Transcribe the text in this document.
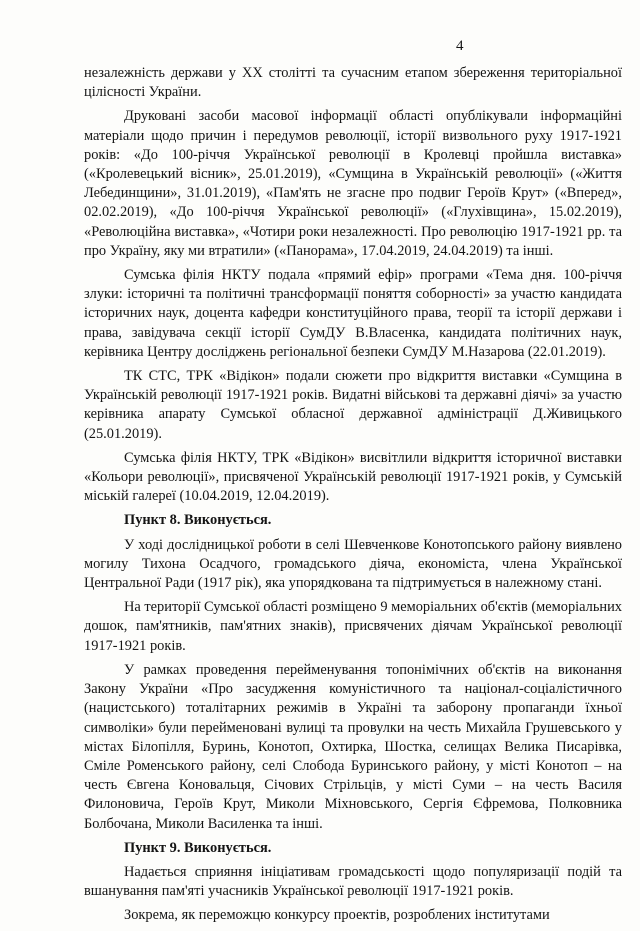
4

незалежність держави у ХХ столітті та сучасним етапом збереження територіальної цілісності України.

Друковані засоби масової інформації області опублікували інформаційні матеріали щодо причин і передумов революції, історії визвольного руху 1917-1921 років: «До 100-річчя Української революції в Кролевці пройшла виставка» («Кролевецький вісник», 25.01.2019), «Сумщина в Українській революції» («Життя Лебединщини», 31.01.2019), «Пам'ять не згасне про подвиг Героїв Крут» («Вперед», 02.02.2019), «До 100-річчя Української революції» («Глухівщина», 15.02.2019), «Революційна виставка», «Чотири роки незалежності. Про революцію 1917-1921 рр. та про Україну, яку ми втратили» («Панорама», 17.04.2019, 24.04.2019) та інші.

Сумська філія НКТУ подала «прямий ефір» програми «Тема дня. 100-річчя злуки: історичні та політичні трансформації поняття соборності» за участю кандидата історичних наук, доцента кафедри конституційного права, теорії та історії держави і права, завідувача секції історії СумДУ В.Власенка, кандидата політичних наук, керівника Центру досліджень регіональної безпеки СумДУ М.Назарова (22.01.2019).

ТК СТС, ТРК «Відікон» подали сюжети про відкриття виставки «Сумщина в Українській революції 1917-1921 років. Видатні військові та державні діячі» за участю керівника апарату Сумської обласної державної адміністрації Д.Живицького (25.01.2019).

Сумська філія НКТУ, ТРК «Відікон» висвітлили відкриття історичної виставки «Кольори революції», присвяченої Українській революції 1917-1921 років, у Сумській міській галереї (10.04.2019, 12.04.2019).

Пункт 8. Виконується.

У ході дослідницької роботи в селі Шевченкове Конотопського району виявлено могилу Тихона Осадчого, громадського діяча, економіста, члена Української Центральної Ради (1917 рік), яка упорядкована та підтримується в належному стані.

На території Сумської області розміщено 9 меморіальних об'єктів (меморіальних дошок, пам'ятників, пам'ятних знаків), присвячених діячам Української революції 1917-1921 років.

У рамках проведення перейменування топонімічних об'єктів на виконання Закону України «Про засудження комуністичного та націонал-соціалістичного (нацистського) тоталітарних режимів в Україні та заборону пропаганди їхньої символіки» були перейменовані вулиці та провулки на честь Михайла Грушевського у містах Білопілля, Буринь, Конотоп, Охтирка, Шостка, селищах Велика Писарівка, Сміле Роменського району, селі Слобода Буринського району, у місті Конотоп – на честь Євгена Коновальця, Січових Стрільців, у місті Суми – на честь Василя Филоновича, Героїв Крут, Миколи Міхновського, Сергія Єфремова, Полковника Болбочана, Миколи Василенка та інші.

Пункт 9. Виконується.

Надається сприяння ініціативам громадськості щодо популяризації подій та вшанування пам'яті учасників Української революції 1917-1921 років.

Зокрема, як переможцю конкурсу проектів, розроблених інститутами
